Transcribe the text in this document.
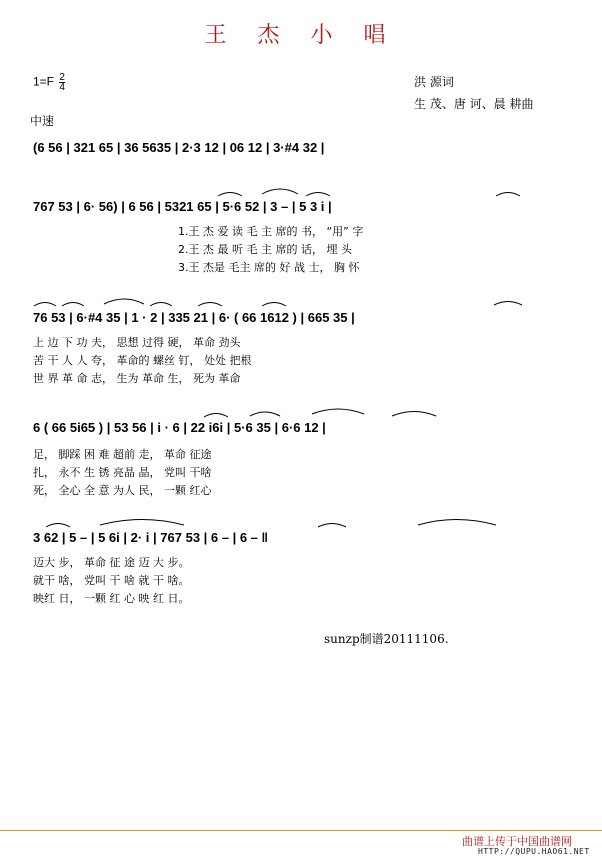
王 杰 小 唱
$1=F \frac{2}{4}$
中速
洪 源词
生 茂、唐 诃、晨 耕曲
(6 56 | 321 65 | 36 5635 | 2·3 12 | 06 12 | 3·#4 32 |
767 53 | 6· 56) | 6 56 | 5321 65 | 5·6 52 | 3 – | 5 3 i |
1.王 杰 爱 读 毛 主 席的 书， “用” 字
2.王 杰 最 听 毛 主 席的 话， 埋 头
3.王 杰是 毛主 席的 好 战 士， 胸 怀
76 53 | 6·#4 35 | 1 · 2 | 335 21 | 6· ( 66 1612 ) | 665 35 |
上 边 下 功 夫， 思想 过得 硬， 革命 劲头
苦 干 人 人 夸， 革命的 螺丝 钉， 处处 把根
世 界 革 命 志， 生为 革命 生， 死为 革命
6 ( 66 5i65 ) | 53 56 | i · 6 | 22 i6i | 5·6 35 | 6·6 12 |
足， 脚踩 困 难 超前 走， 革命 征途
扎， 永不 生 锈 亮晶 晶， 党叫 干啥
死， 全心 全 意 为人 民， 一颗 红心
3 62 | 5 – | 5 6i | 2· i | 767 53 | 6 – | 6 – ‖
迈大 步， 革命 征 途 迈 大 步。
就干 啥， 党叫 干 啥 就 干 啥。
映红 日， 一颗 红 心 映 红 日。
sunzp制谱20111106.
曲谱上传于中国曲谱网
HTTP://QUPU.HAO61.NET
